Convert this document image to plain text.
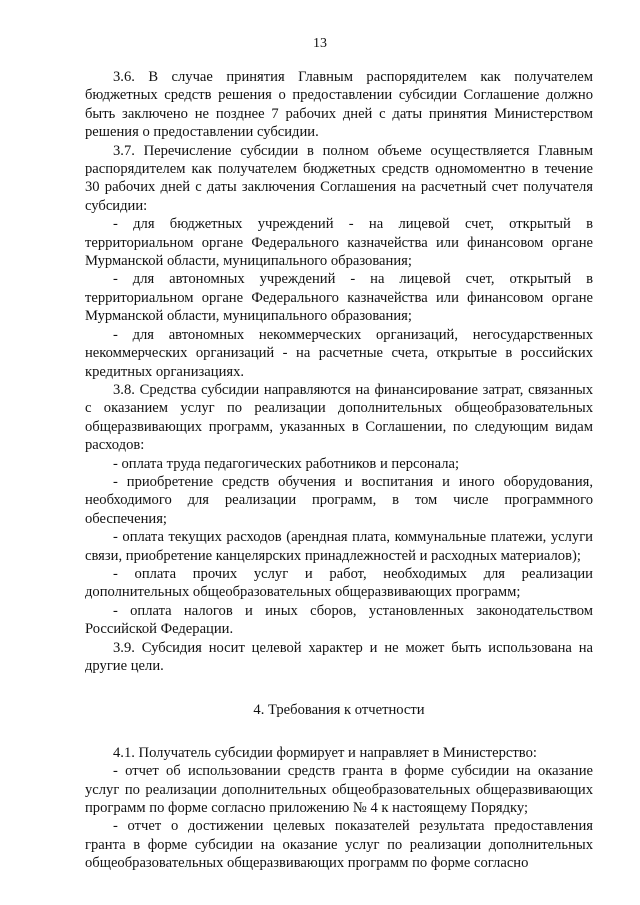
13

3.6. В случае принятия Главным распорядителем как получателем бюджетных средств решения о предоставлении субсидии Соглашение должно быть заключено не позднее 7 рабочих дней с даты принятия Министерством решения о предоставлении субсидии.

3.7. Перечисление субсидии в полном объеме осуществляется Главным распорядителем как получателем бюджетных средств одномоментно в течение 30 рабочих дней с даты заключения Соглашения на расчетный счет получателя субсидии:

- для бюджетных учреждений - на лицевой счет, открытый в территориальном органе Федерального казначейства или финансовом органе Мурманской области, муниципального образования;

- для автономных учреждений - на лицевой счет, открытый в территориальном органе Федерального казначейства или финансовом органе Мурманской области, муниципального образования;

- для автономных некоммерческих организаций, негосударственных некоммерческих организаций - на расчетные счета, открытые в российских кредитных организациях.

3.8. Средства субсидии направляются на финансирование затрат, связанных с оказанием услуг по реализации дополнительных общеобразовательных общеразвивающих программ, указанных в Соглашении, по следующим видам расходов:

- оплата труда педагогических работников и персонала;

- приобретение средств обучения и воспитания и иного оборудования, необходимого для реализации программ, в том числе программного обеспечения;

- оплата текущих расходов (арендная плата, коммунальные платежи, услуги связи, приобретение канцелярских принадлежностей и расходных материалов);

- оплата прочих услуг и работ, необходимых для реализации дополнительных общеобразовательных общеразвивающих программ;

- оплата налогов и иных сборов, установленных законодательством Российской Федерации.

3.9. Субсидия носит целевой характер и не может быть использована на другие цели.

4. Требования к отчетности

4.1. Получатель субсидии формирует и направляет в Министерство:

- отчет об использовании средств гранта в форме субсидии на оказание услуг по реализации дополнительных общеобразовательных общеразвивающих программ по форме согласно приложению № 4 к настоящему Порядку;

- отчет о достижении целевых показателей результата предоставления гранта в форме субсидии на оказание услуг по реализации дополнительных общеобразовательных общеразвивающих программ по форме согласно
